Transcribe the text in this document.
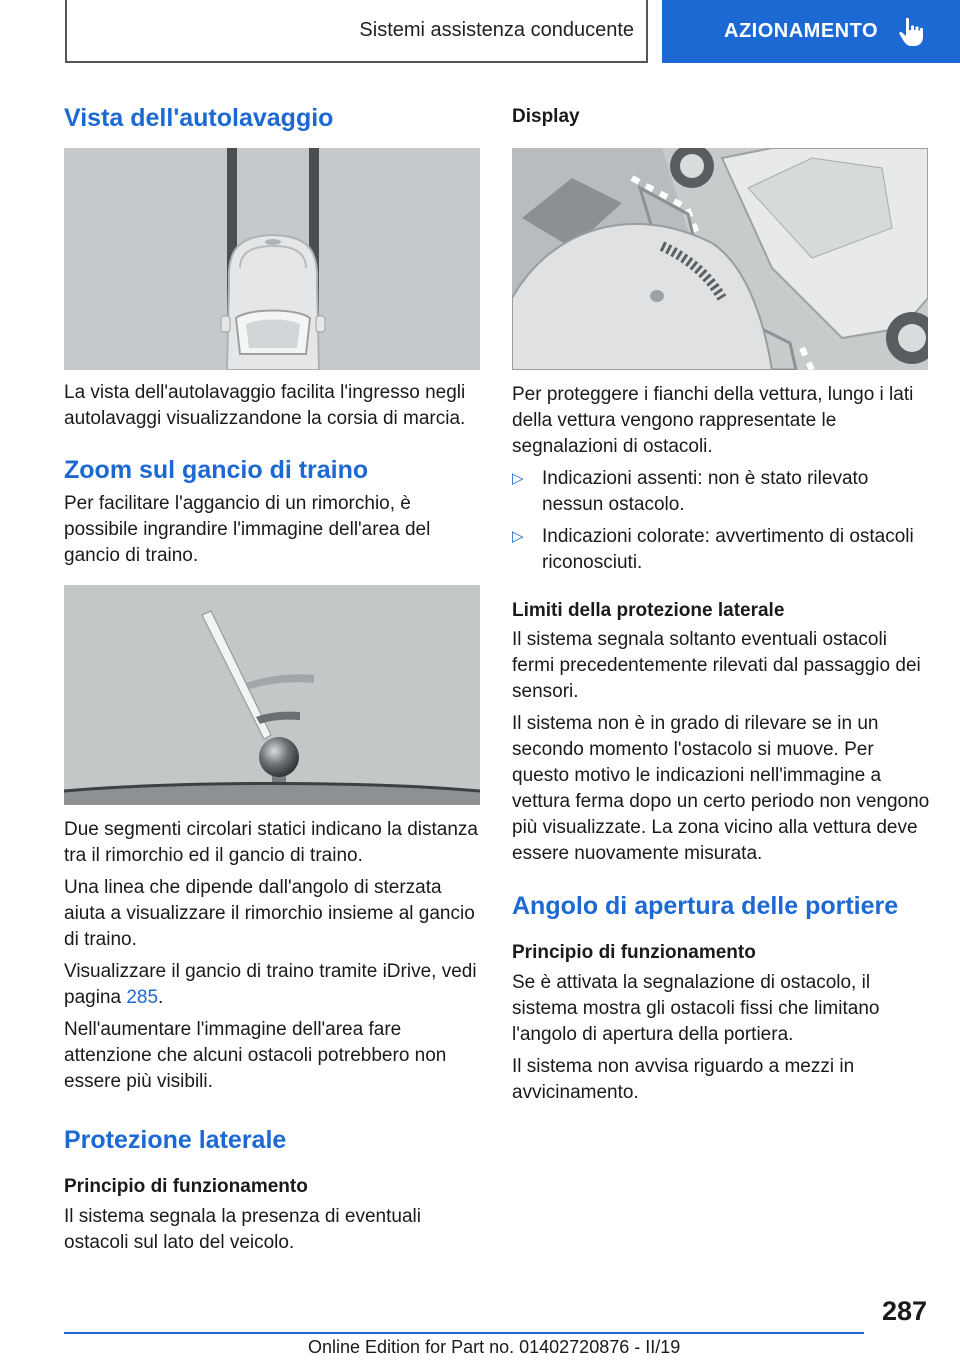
Sistemi assistenza conducente	AZIONAMENTO
Vista dell'autolavaggio

La vista dell'autolavaggio facilita l'ingresso negli autolavaggi visualizzandone la corsia di marcia.

Zoom sul gancio di traino

Per facilitare l'aggancio di un rimorchio, è possibile ingrandire l'immagine dell'area del gancio di traino.

Due segmenti circolari statici indicano la distanza tra il rimorchio ed il gancio di traino.

Una linea che dipende dall'angolo di sterzata aiuta a visualizzare il rimorchio insieme al gancio di traino.

Visualizzare il gancio di traino tramite iDrive, vedi pagina 285.

Nell'aumentare l'immagine dell'area fare attenzione che alcuni ostacoli potrebbero non essere più visibili.

Protezione laterale
Principio di funzionamento

Il sistema segnala la presenza di eventuali ostacoli sul lato del veicolo.

Display

Per proteggere i fianchi della vettura, lungo i lati della vettura vengono rappresentate le segnalazioni di ostacoli.

▷ Indicazioni assenti: non è stato rilevato nessun ostacolo.
▷ Indicazioni colorate: avvertimento di ostacoli riconosciuti.
Limiti della protezione laterale

Il sistema segnala soltanto eventuali ostacoli fermi precedentemente rilevati dal passaggio dei sensori.

Il sistema non è in grado di rilevare se in un secondo momento l'ostacolo si muove. Per questo motivo le indicazioni nell'immagine a vettura ferma dopo un certo periodo non vengono più visualizzate. La zona vicino alla vettura deve essere nuovamente misurata.

Angolo di apertura delle portiere
Principio di funzionamento

Se è attivata la segnalazione di ostacolo, il sistema mostra gli ostacoli fissi che limitano l'angolo di apertura della portiera.

Il sistema non avvisa riguardo a mezzi in avvicinamento.

287
Online Edition for Part no. 01402720876 - II/19
